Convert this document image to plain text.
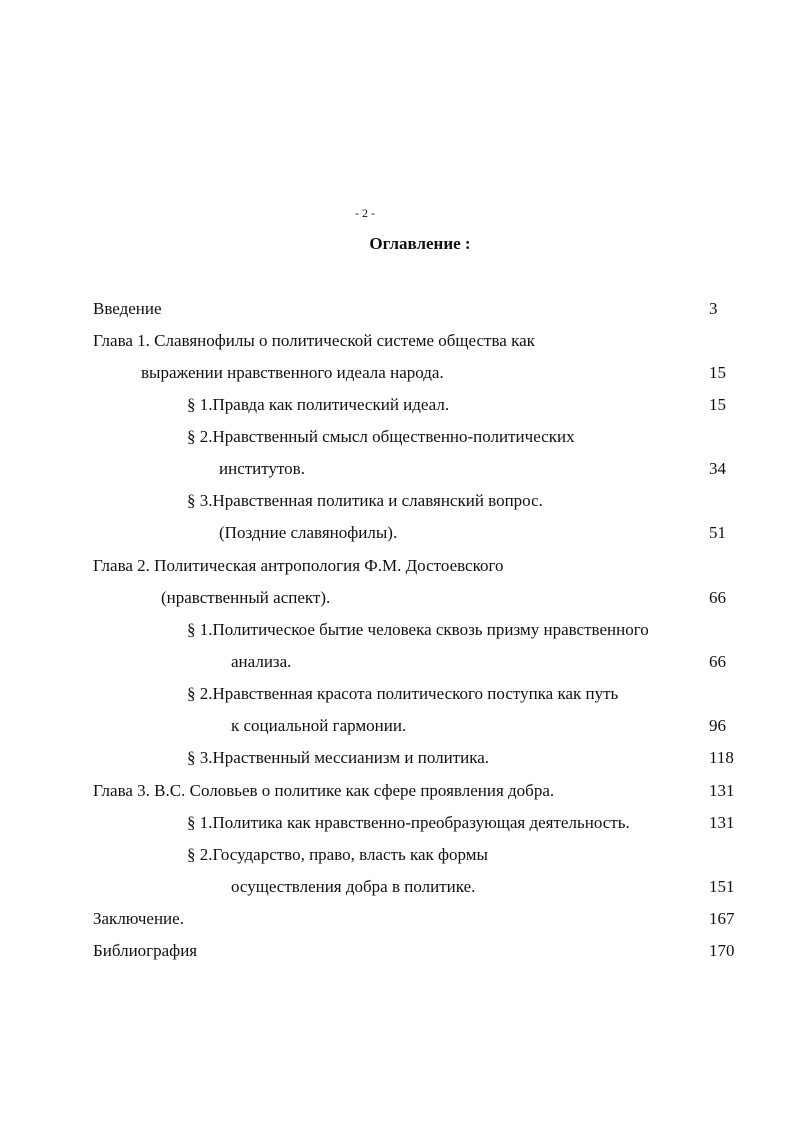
- 2 -
Оглавление :
Введение	3
Глава 1. Славянофилы о политической системе общества как
выражении нравственного идеала народа.	15
§ 1.Правда как политический идеал.	15
§ 2.Нравственный смысл общественно-политических
институтов.	34
§ 3.Нравственная политика и славянский вопрос.
(Поздние славянофилы).	51
Глава 2. Политическая антропология Ф.М. Достоевского
(нравственный аспект).	66
§ 1.Политическое бытие человека сквозь призму нравственного
анализа.	66
§ 2.Нравственная красота политического поступка как путь
к социальной гармонии.	96
§ 3.Нраственный мессианизм и политика.	118
Глава 3. В.С. Соловьев о политике как сфере проявления добра.	131
§ 1.Политика как нравственно-преобразующая деятельность.	131
§ 2.Государство, право, власть как формы
осуществления добра в политике.	151
Заключение.	167
Библиография	170
